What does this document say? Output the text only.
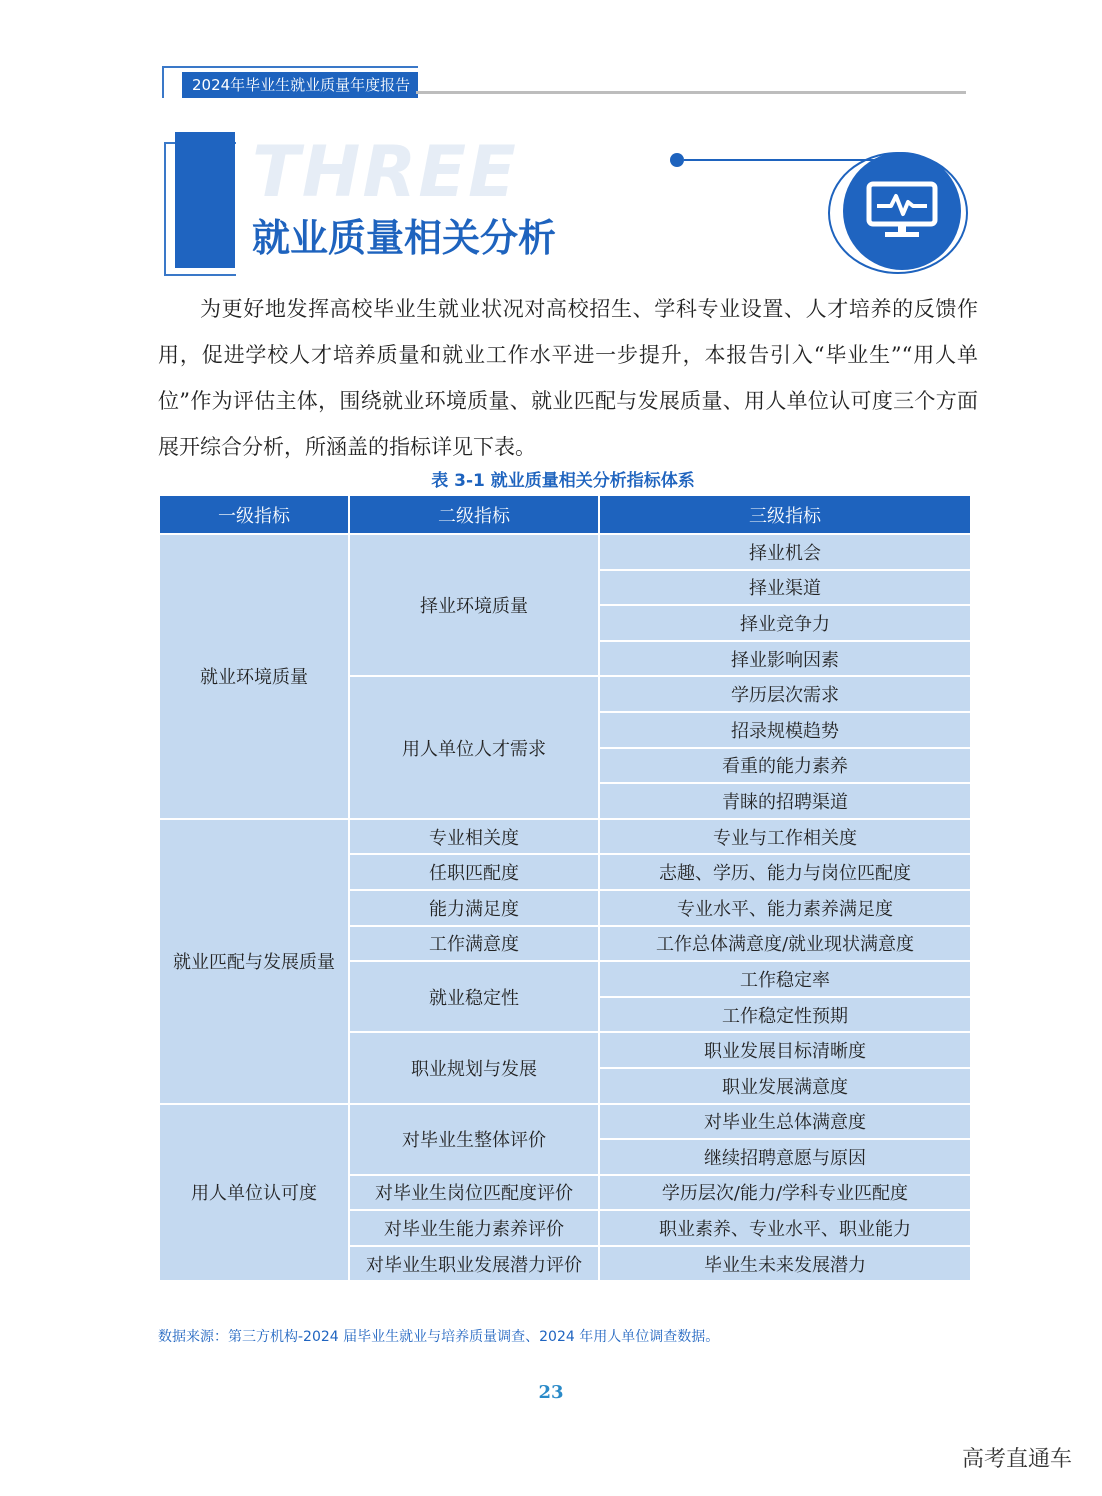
2024年毕业生就业质量年度报告
THREE
就业质量相关分析
为更好地发挥高校毕业生就业状况对高校招生、学科专业设置、人才培养的反馈作用，促进学校人才培养质量和就业工作水平进一步提升，本报告引入“毕业生”“用人单位”作为评估主体，围绕就业环境质量、就业匹配与发展质量、用人单位认可度三个方面展开综合分析，所涵盖的指标详见下表。
表 3-1 就业质量相关分析指标体系
一级指标	二级指标	三级指标
就业环境质量	择业环境质量	择业机会
		择业渠道
		择业竞争力
		择业影响因素
	用人单位人才需求	学历层次需求
		招录规模趋势
		看重的能力素养
		青睐的招聘渠道
就业匹配与发展质量	专业相关度	专业与工作相关度
	任职匹配度	志趣、学历、能力与岗位匹配度
	能力满足度	专业水平、能力素养满足度
	工作满意度	工作总体满意度/就业现状满意度
	就业稳定性	工作稳定率
		工作稳定性预期
	职业规划与发展	职业发展目标清晰度
		职业发展满意度
用人单位认可度	对毕业生整体评价	对毕业生总体满意度
		继续招聘意愿与原因
	对毕业生岗位匹配度评价	学历层次/能力/学科专业匹配度
	对毕业生能力素养评价	职业素养、专业水平、职业能力
	对毕业生职业发展潜力评价	毕业生未来发展潜力
数据来源：第三方机构-2024 届毕业生就业与培养质量调查、2024 年用人单位调查数据。
23
高考直通车
